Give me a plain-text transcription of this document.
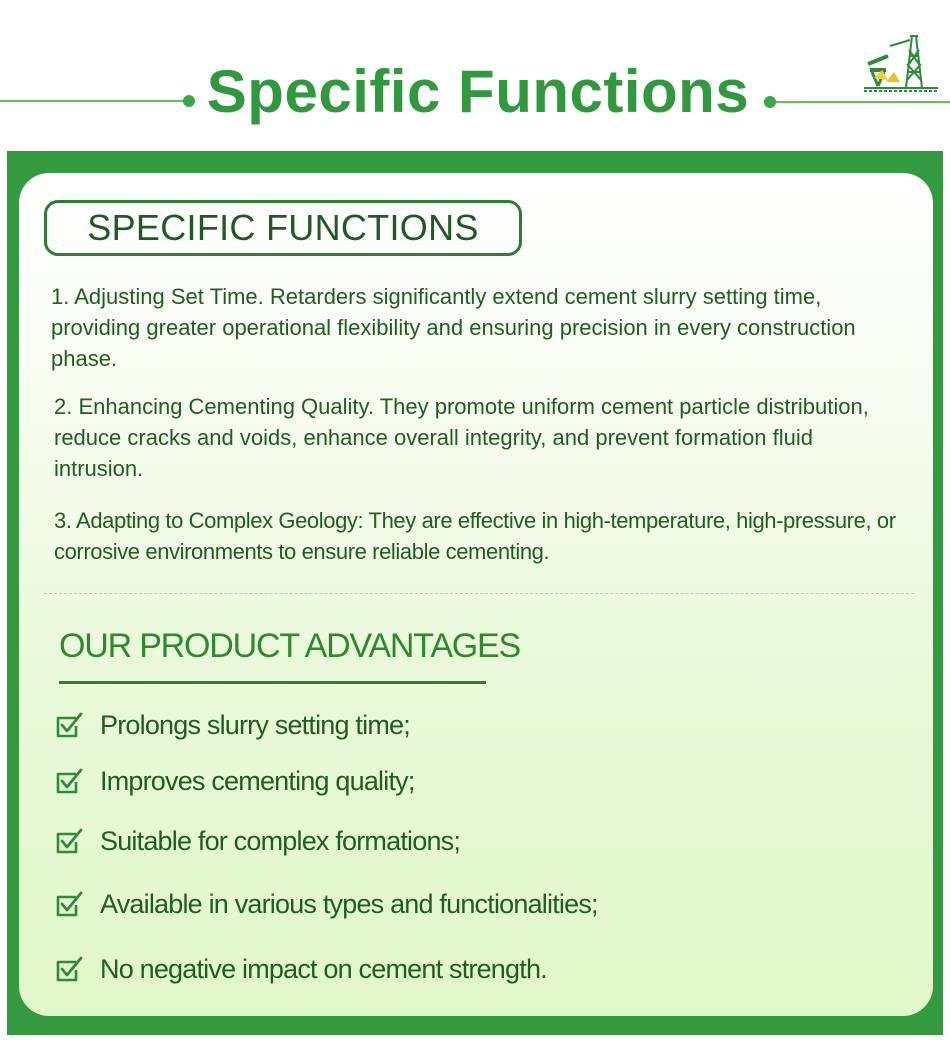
Specific Functions
SPECIFIC FUNCTIONS

1. Adjusting Set Time. Retarders significantly extend cement slurry setting time, providing greater operational flexibility and ensuring precision in every construction phase.

2. Enhancing Cementing Quality. They promote uniform cement particle distribution, reduce cracks and voids, enhance overall integrity, and prevent formation fluid intrusion.

3. Adapting to Complex Geology: They are effective in high-temperature, high-pressure, or corrosive environments to ensure reliable cementing.

OUR PRODUCT ADVANTAGES
Prolongs slurry setting time;
Improves cementing quality;
Suitable for complex formations;
Available in various types and functionalities;
No negative impact on cement strength.
